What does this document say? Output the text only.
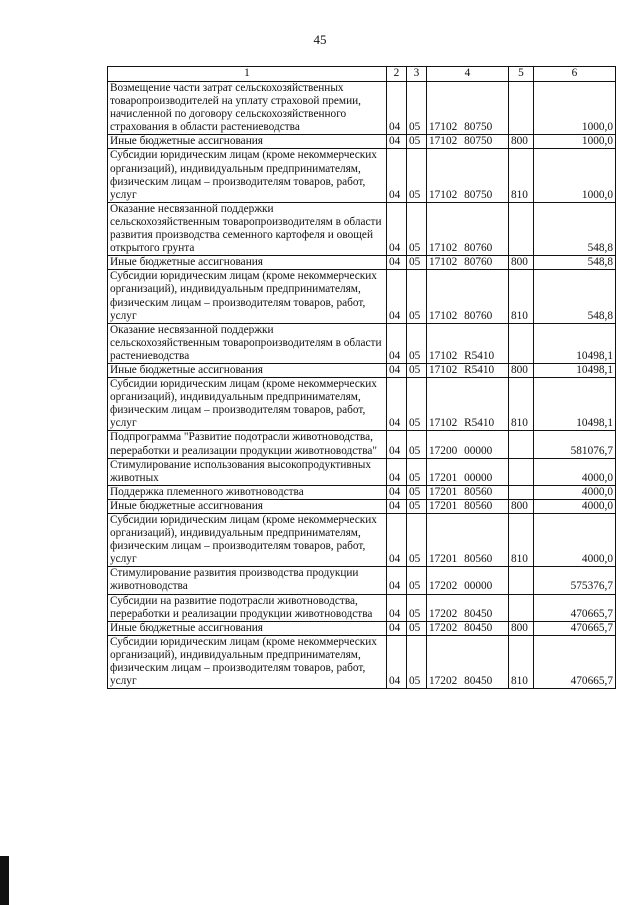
45
1	2	3	4	5	6
Возмещение части затрат сельскохозяйственных товаропроизводителей на уплату страховой премии, начисленной по договору сельскохозяйственного страхования в области растениеводства	04	05	17102 80750		1000,0
Иные бюджетные ассигнования	04	05	17102 80750	800	1000,0
Субсидии юридическим лицам (кроме некоммерческих организаций), индивидуальным предпринимателям, физическим лицам – производителям товаров, работ, услуг	04	05	17102 80750	810	1000,0
Оказание несвязанной поддержки сельскохозяйственным товаропроизводителям в области развития производства семенного картофеля и овощей открытого грунта	04	05	17102 80760		548,8
Иные бюджетные ассигнования	04	05	17102 80760	800	548,8
Субсидии юридическим лицам (кроме некоммерческих организаций), индивидуальным предпринимателям, физическим лицам – производителям товаров, работ, услуг	04	05	17102 80760	810	548,8
Оказание несвязанной поддержки сельскохозяйственным товаропроизводителям в области растениеводства	04	05	17102 R5410		10498,1
Иные бюджетные ассигнования	04	05	17102 R5410	800	10498,1
Субсидии юридическим лицам (кроме некоммерческих организаций), индивидуальным предпринимателям, физическим лицам – производителям товаров, работ, услуг	04	05	17102 R5410	810	10498,1
Подпрограмма "Развитие подотрасли животноводства, переработки и реализации продукции животноводства"	04	05	17200 00000		581076,7
Стимулирование использования высокопродуктивных животных	04	05	17201 00000		4000,0
Поддержка племенного животноводства	04	05	17201 80560		4000,0
Иные бюджетные ассигнования	04	05	17201 80560	800	4000,0
Субсидии юридическим лицам (кроме некоммерческих организаций), индивидуальным предпринимателям, физическим лицам – производителям товаров, работ, услуг	04	05	17201 80560	810	4000,0
Стимулирование развития производства продукции животноводства	04	05	17202 00000		575376,7
Субсидии на развитие подотрасли животноводства, переработки и реализации продукции животноводства	04	05	17202 80450		470665,7
Иные бюджетные ассигнования	04	05	17202 80450	800	470665,7
Субсидии юридическим лицам (кроме некоммерческих организаций), индивидуальным предпринимателям, физическим лицам – производителям товаров, работ, услуг	04	05	17202 80450	810	470665,7
